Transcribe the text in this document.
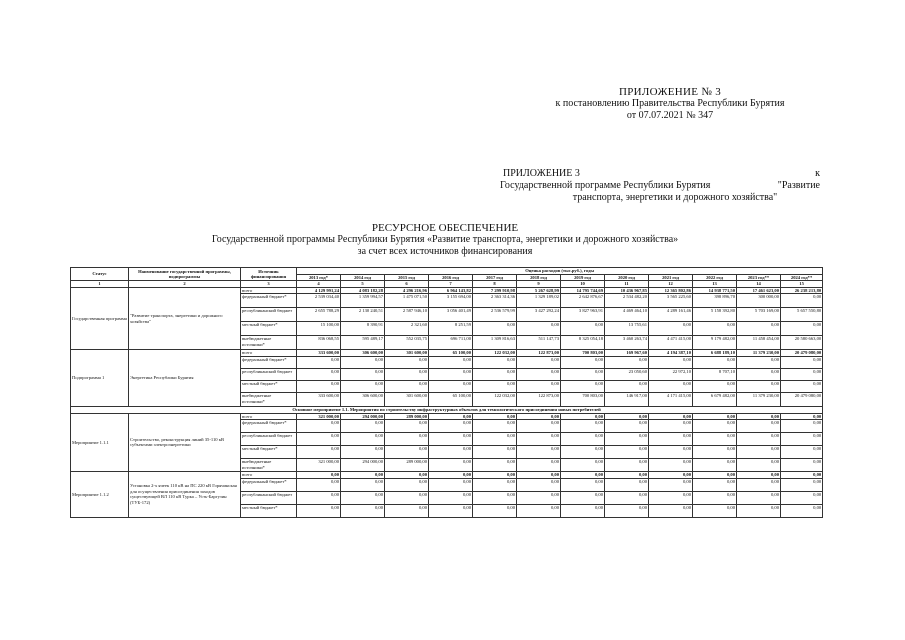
ПРИЛОЖЕНИЕ № 3
к постановлению Правительства Республики Бурятия
от 07.07.2021 № 347
ПРИЛОЖЕНИЕ 3	к
Государственной программе Республики Бурятия	"Развитие
транспорта, энергетики и дорожного хозяйства"
РЕСУРСНОЕ ОБЕСПЕЧЕНИЕ
Государственной программы Республики Бурятия «Развитие транспорта, энергетики и дорожного хозяйства»
за счет всех источников финансирования
Статус	Наименование государственной программы, подпрограммы	Источник финансирования	Оценка расходов (тыс.руб.), годы											
			2013 год*	2014 год	2015 год	2016 год	2017 год	2018 год	2019 год	2020 год	2021 год	2022 год	2023 год**	2024 год**
1	2	3	4	5	6	7	8	9	10	11	12	13	14	15
Государственная программа	"Развитие транспорта, энергетики и дорожного хозяйства"	всего	4 129 991,24	4 083 182,28	4 296 216,96	6 964 143,82	7 299 910,98	5 267 628,99	14 795 744,69	10 436 967,85	12 365 802,86	14 938 771,50	17 461 623,00	26 238 213,80
		федеральный бюджет*	2 539 034,40	1 359 994,57	1 475 071,50	3 155 694,00	2 363 314,36	1 329 189,02	2 642 876,67	2 534 482,20	3 565 225,60	398 896,70	300 000,00	0,00
		республиканский бюджет	2 655 788,29	2 130 240,51	2 587 946,10	3 056 401,49	2 536 579,99	3 427 292,24	3 827 963,91	4 469 464,10	4 289 161,46	5 158 392,80	5 703 169,00	5 657 550,80
		местный бюджет*	15 100,00	8 390,91	2 321,60	8 251,59	0,00	0,00	0,00	13 755,61	0,00	0,00	0,00	0,00
		внебюджетные источники*	836 068,55	595 489,17	552 035,75	696 711,00	1 309 816,63	511 147,73	8 325 054,18	3 460 263,74	4 471 415,00	9 179 482,00	11 458 454,00	20 580 663,00
Подпрограмма 1	Энергетика Республики Бурятия	всего	333 600,00	306 600,00	301 600,00	65 100,00	122 032,00	122 873,00	700 803,00	169 967,60	4 194 387,10	6 688 189,10	11 379 230,00	20 479 080,00
		федеральный бюджет*	0,00	0,00	0,00	0,00	0,00	0,00	0,00	0,00	0,00	0,00	0,00	0,00
		республиканский бюджет	0,00	0,00	0,00	0,00	0,00	0,00	0,00	23 050,60	22 972,10	8 707,10	0,00	0,00
		местный бюджет*	0,00	0,00	0,00	0,00	0,00	0,00	0,00	0,00	0,00	0,00	0,00	0,00
		внебюджетные источники*	333 600,00	306 600,00	301 600,00	65 100,00	122 032,00	122 873,00	700 803,00	146 917,00	4 171 415,00	6 679 482,00	11 379 230,00	20 479 080,00
Основное мероприятие 1.1. Мероприятия по строительству инфраструктурных объектов для технологического присоединения новых потребителей														
Мероприятие 1.1.1	Строительство, реконструкция линий 35-110 кВ субъектами электроэнергетики	всего	321 000,00	294 000,00	289 000,00	0,00	0,00	0,00	0,00	0,00	0,00	0,00	0,00	0,00
		федеральный бюджет*	0,00	0,00	0,00	0,00	0,00	0,00	0,00	0,00	0,00	0,00	0,00	0,00
		республиканский бюджет	0,00	0,00	0,00	0,00	0,00	0,00	0,00	0,00	0,00	0,00	0,00	0,00
		местный бюджет*	0,00	0,00	0,00	0,00	0,00	0,00	0,00	0,00	0,00	0,00	0,00	0,00
		внебюджетные источники*	321 000,00	294 000,00	289 000,00	0,00	0,00	0,00	0,00	0,00	0,00	0,00	0,00	0,00
Мероприятие 1.1.2	Установка 2-х ячеек 110 кВ на ПС 220 кВ Горячинская для осуществления присоединения заходов существующей ВЛ 110 кВ Турка – Усть-Баргузин (ТУБ-172)	всего	0,00	0,00	0,00	0,00	0,00	0,00	0,00	0,00	0,00	0,00	0,00	0,00
		федеральный бюджет*	0,00	0,00	0,00	0,00	0,00	0,00	0,00	0,00	0,00	0,00	0,00	0,00
		республиканский бюджет	0,00	0,00	0,00	0,00	0,00	0,00	0,00	0,00	0,00	0,00	0,00	0,00
		местный бюджет*	0,00	0,00	0,00	0,00	0,00	0,00	0,00	0,00	0,00	0,00	0,00	0,00
